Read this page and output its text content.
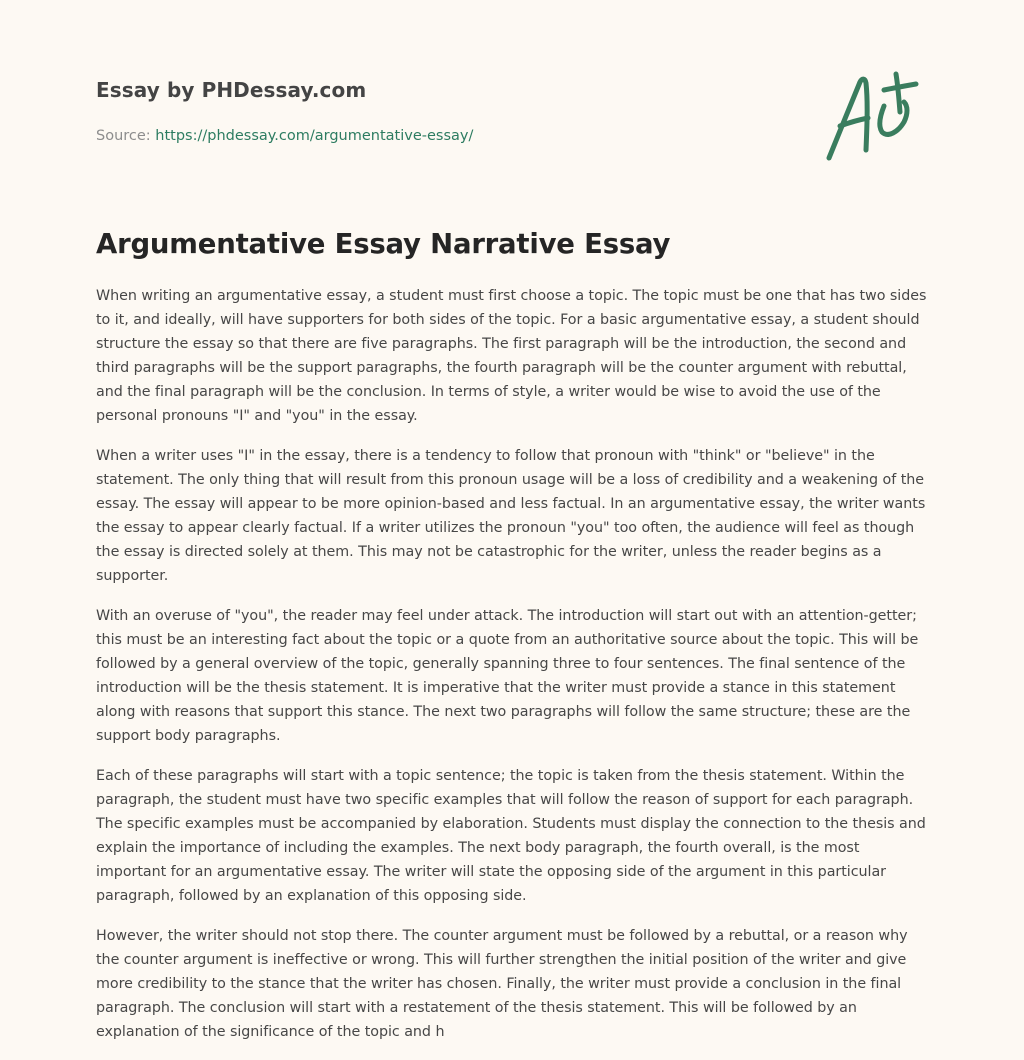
Essay by PHDessay.com
Source: https://phdessay.com/argumentative-essay/
Argumentative Essay Narrative Essay

When writing an argumentative essay, a student must first choose a topic. The topic must be one that has two sides to it, and ideally, will have supporters for both sides of the topic. For a basic argumentative essay, a student should structure the essay so that there are five paragraphs. The first paragraph will be the introduction, the second and third paragraphs will be the support paragraphs, the fourth paragraph will be the counter argument with rebuttal, and the final paragraph will be the conclusion. In terms of style, a writer would be wise to avoid the use of the personal pronouns "I" and "you" in the essay.

When a writer uses "I" in the essay, there is a tendency to follow that pronoun with "think" or "believe" in the statement. The only thing that will result from this pronoun usage will be a loss of credibility and a weakening of the essay. The essay will appear to be more opinion-based and less factual. In an argumentative essay, the writer wants the essay to appear clearly factual. If a writer utilizes the pronoun "you" too often, the audience will feel as though the essay is directed solely at them. This may not be catastrophic for the writer, unless the reader begins as a supporter.

With an overuse of "you", the reader may feel under attack. The introduction will start out with an attention-getter; this must be an interesting fact about the topic or a quote from an authoritative source about the topic. This will be followed by a general overview of the topic, generally spanning three to four sentences. The final sentence of the introduction will be the thesis statement. It is imperative that the writer must provide a stance in this statement along with reasons that support this stance. The next two paragraphs will follow the same structure; these are the support body paragraphs.

Each of these paragraphs will start with a topic sentence; the topic is taken from the thesis statement. Within the paragraph, the student must have two specific examples that will follow the reason of support for each paragraph. The specific examples must be accompanied by elaboration. Students must display the connection to the thesis and explain the importance of including the examples. The next body paragraph, the fourth overall, is the most important for an argumentative essay. The writer will state the opposing side of the argument in this particular paragraph, followed by an explanation of this opposing side.

However, the writer should not stop there. The counter argument must be followed by a rebuttal, or a reason why the counter argument is ineffective or wrong. This will further strengthen the initial position of the writer and give more credibility to the stance that the writer has chosen. Finally, the writer must provide a conclusion in the final paragraph. The conclusion will start with a restatement of the thesis statement. This will be followed by an explanation of the significance of the topic and h
